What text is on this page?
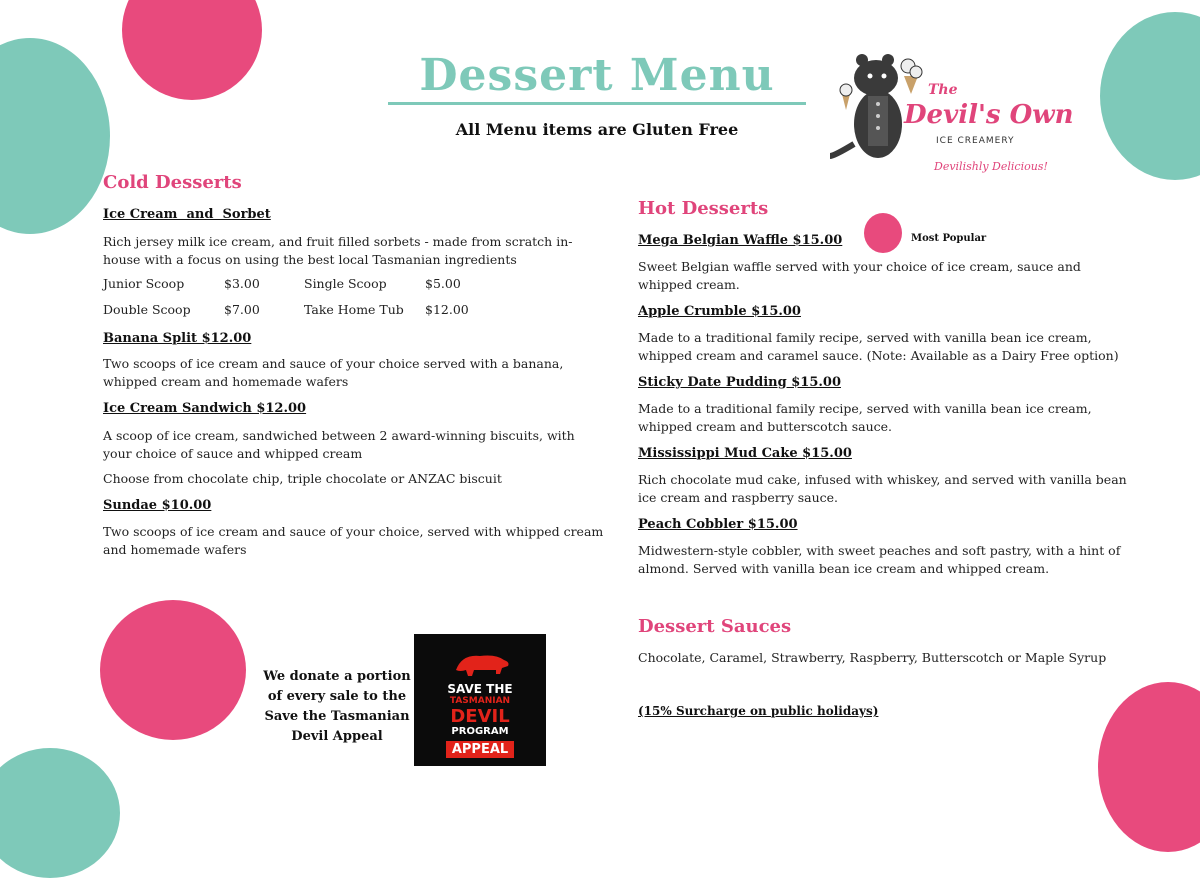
Dessert Menu
All Menu items are Gluten Free
The
Devil's Own
ICE CREAMERY
Devilishly Delicious!
Cold Desserts
Ice Cream  and  Sorbet
Rich jersey milk ice cream, and fruit filled sorbets - made from scratch in-house with a focus on using the best local Tasmanian ingredients
Junior Scoop	$3.00	Single Scoop	$5.00
Double Scoop	$7.00	Take Home Tub	$12.00
Banana Split $12.00
Two scoops of ice cream and sauce of your choice served with a banana, whipped cream and homemade wafers
Ice Cream Sandwich $12.00
A scoop of ice cream, sandwiched between 2 award-winning biscuits, with your choice of sauce and whipped cream
Choose from chocolate chip, triple chocolate or ANZAC biscuit
Sundae $10.00
Two scoops of ice cream and sauce of your choice, served with whipped cream and homemade wafers
Hot Desserts
Most Popular
Mega Belgian Waffle $15.00
Sweet Belgian waffle served with your choice of ice cream, sauce and whipped cream.
Apple Crumble $15.00
Made to a traditional family recipe, served with vanilla bean ice cream, whipped cream and caramel sauce. (Note: Available as a Dairy Free option)
Sticky Date Pudding $15.00
Made to a traditional family recipe, served with vanilla bean ice cream, whipped cream and butterscotch sauce.
Mississippi Mud Cake $15.00
Rich chocolate mud cake, infused with whiskey, and served with vanilla bean ice cream and raspberry sauce.
Peach Cobbler $15.00
Midwestern-style cobbler, with sweet peaches and soft pastry, with a hint of almond. Served with vanilla bean ice cream and whipped cream.
Dessert Sauces
Chocolate, Caramel, Strawberry, Raspberry, Butterscotch or Maple Syrup
(15% Surcharge on public holidays)
We donate a portion of every sale to the Save the Tasmanian Devil Appeal
SAVE THE
TASMANIAN
DEVIL
PROGRAM
APPEAL
